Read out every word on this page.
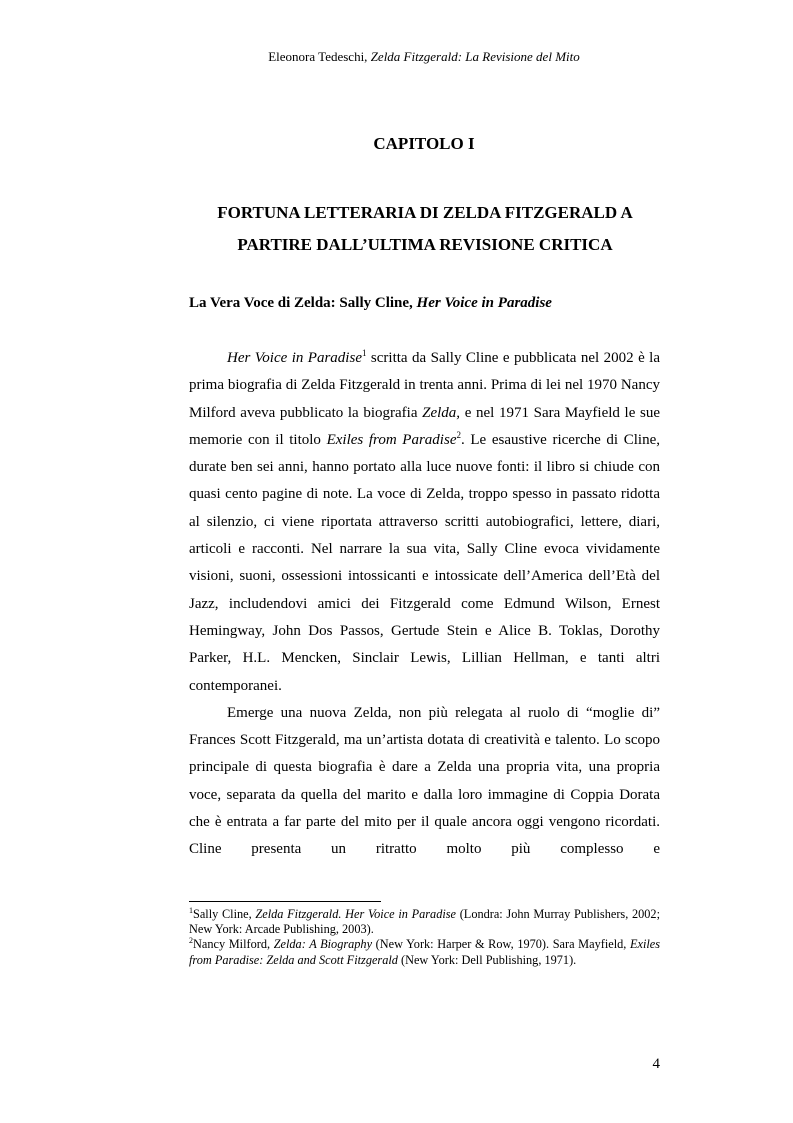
Eleonora Tedeschi, Zelda Fitzgerald: La Revisione del Mito
CAPITOLO I
FORTUNA LETTERARIA DI ZELDA FITZGERALD A
PARTIRE DALL’ULTIMA REVISIONE CRITICA
La Vera Voce di Zelda: Sally Cline, Her Voice in Paradise

Her Voice in Paradise$^1$ scritta da Sally Cline e pubblicata nel 2002 è la prima biografia di Zelda Fitzgerald in trenta anni. Prima di lei nel 1970 Nancy Milford aveva pubblicato la biografia Zelda, e nel 1971 Sara Mayfield le sue memorie con il titolo Exiles from Paradise$^2$. Le esaustive ricerche di Cline, durate ben sei anni, hanno portato alla luce nuove fonti: il libro si chiude con quasi cento pagine di note. La voce di Zelda, troppo spesso in passato ridotta al silenzio, ci viene riportata attraverso scritti autobiografici, lettere, diari, articoli e racconti. Nel narrare la sua vita, Sally Cline evoca vividamente visioni, suoni, ossessioni intossicanti e intossicate dell’America dell’Età del Jazz, includendovi amici dei Fitzgerald come Edmund Wilson, Ernest Hemingway, John Dos Passos, Gertude Stein e Alice B. Toklas, Dorothy Parker, H.L. Mencken, Sinclair Lewis, Lillian Hellman, e tanti altri contemporanei.

Emerge una nuova Zelda, non più relegata al ruolo di “moglie di” Frances Scott Fitzgerald, ma un’artista dotata di creatività e talento. Lo scopo principale di questa biografia è dare a Zelda una propria vita, una propria voce, separata da quella del marito e dalla loro immagine di Coppia Dorata che è entrata a far parte del mito per il quale ancora oggi vengono ricordati. Cline presenta un ritratto molto più complesso e

$^1$Sally Cline, Zelda Fitzgerald. Her Voice in Paradise (Londra: John Murray Publishers, 2002; New York: Arcade Publishing, 2003).

$^2$Nancy Milford, Zelda: A Biography (New York: Harper & Row, 1970). Sara Mayfield, Exiles from Paradise: Zelda and Scott Fitzgerald (New York: Dell Publishing, 1971).

4
